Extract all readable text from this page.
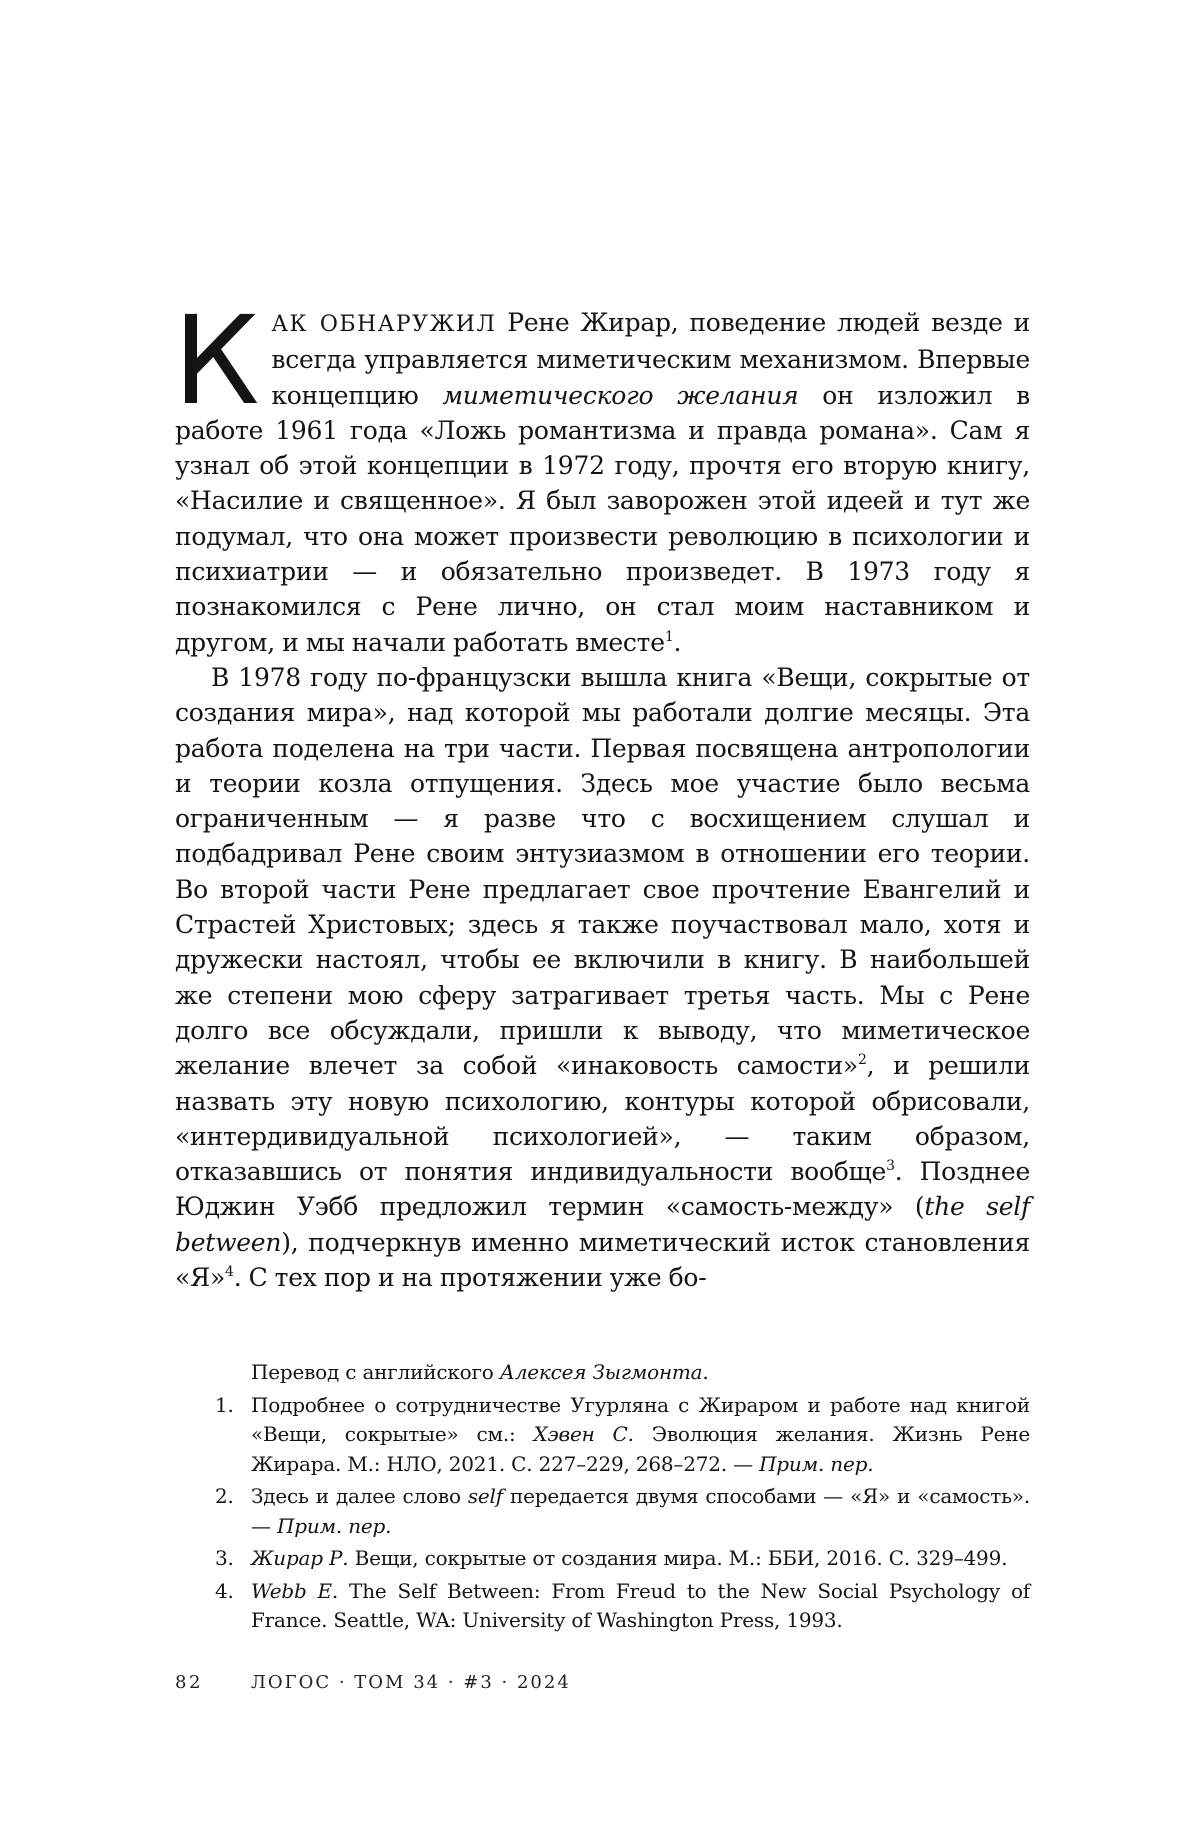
КАК ОБНАРУЖИЛ Рене Жирар, поведение людей везде и всегда управляется миметическим механизмом. Впервые концепцию миметического желания он изложил в работе 1961 года «Ложь романтизма и правда романа». Сам я узнал об этой концепции в 1972 году, прочтя его вторую книгу, «Насилие и священное». Я был заворожен этой идеей и тут же подумал, что она может произвести революцию в психологии и психиатрии — и обязательно произведет. В 1973 году я познакомился с Рене лично, он стал моим наставником и другом, и мы начали работать вместе$^1$.

В 1978 году по-французски вышла книга «Вещи, сокрытые от создания мира», над которой мы работали долгие месяцы. Эта работа поделена на три части. Первая посвящена антропологии и теории козла отпущения. Здесь мое участие было весьма ограниченным — я разве что с восхищением слушал и подбадривал Рене своим энтузиазмом в отношении его теории. Во второй части Рене предлагает свое прочтение Евангелий и Страстей Христовых; здесь я также поучаствовал мало, хотя и дружески настоял, чтобы ее включили в книгу. В наибольшей же степени мою сферу затрагивает третья часть. Мы с Рене долго все обсуждали, пришли к выводу, что миметическое желание влечет за собой «инаковость самости»$^2$, и решили назвать эту новую психологию, контуры которой обрисовали, «интердивидуальной психологией», — таким образом, отказавшись от понятия индивидуальности вообще$^3$. Позднее Юджин Уэбб предложил термин «самость-между» (the self between), подчеркнув именно миметический исток становления «Я»$^4$. С тех пор и на протяжении уже бо-

Перевод с английского Алексея Зыгмонта.
1. Подробнее о сотрудничестве Угурляна с Жираром и работе над книгой «Вещи, сокрытые» см.: Хэвен С. Эволюция желания. Жизнь Рене Жирара. М.: НЛО, 2021. С. 227–229, 268–272. — Прим. пер.
2. Здесь и далее слово self передается двумя способами — «Я» и «самость». — Прим. пер.
3. Жирар Р. Вещи, сокрытые от создания мира. М.: ББИ, 2016. С. 329–499.
4. Webb E. The Self Between: From Freud to the New Social Psychology of France. Seattle, WA: University of Washington Press, 1993.
82	ЛОГОС · ТОМ 34 · #3 · 2024
